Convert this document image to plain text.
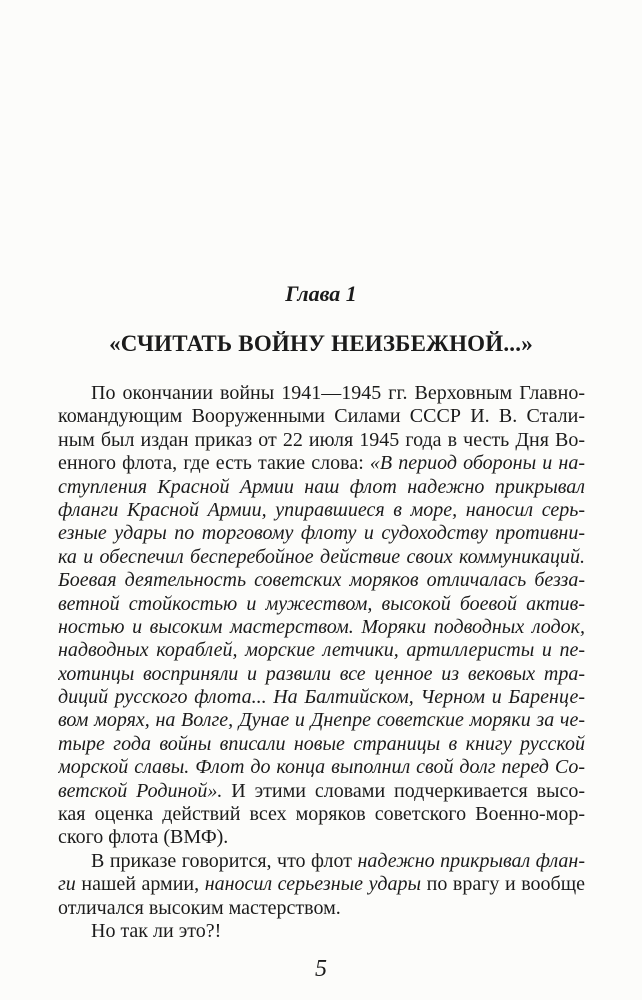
Глава 1
«СЧИТАТЬ ВОЙНУ НЕИЗБЕЖНОЙ...»
По окончании войны 1941—1945 гг. Верховным Главно-
командующим Вооруженными Силами СССР И. В. Стали-
ным был издан приказ от 22 июля 1945 года в честь Дня Во-
енного флота, где есть такие слова: «В период обороны и на-
ступления Красной Армии наш флот надежно прикрывал
фланги Красной Армии, упиравшиеся в море, наносил серь-
езные удары по торговому флоту и судоходству противни-
ка и обеспечил бесперебойное действие своих коммуникаций.
Боевая деятельность советских моряков отличалась безза-
ветной стойкостью и мужеством, высокой боевой актив-
ностью и высоким мастерством. Моряки подводных лодок,
надводных кораблей, морские летчики, артиллеристы и пе-
хотинцы восприняли и развили все ценное из вековых тра-
диций русского флота... На Балтийском, Черном и Баренце-
вом морях, на Волге, Дунае и Днепре советские моряки за че-
тыре года войны вписали новые страницы в книгу русской
морской славы. Флот до конца выполнил свой долг перед Со-
ветской Родиной». И этими словами подчеркивается высо-
кая оценка действий всех моряков советского Военно-мор-
ского флота (ВМФ).
В приказе говорится, что флот надежно прикрывал флан-
ги нашей армии, наносил серьезные удары по врагу и вообще
отличался высоким мастерством.
Но так ли это?!
5
